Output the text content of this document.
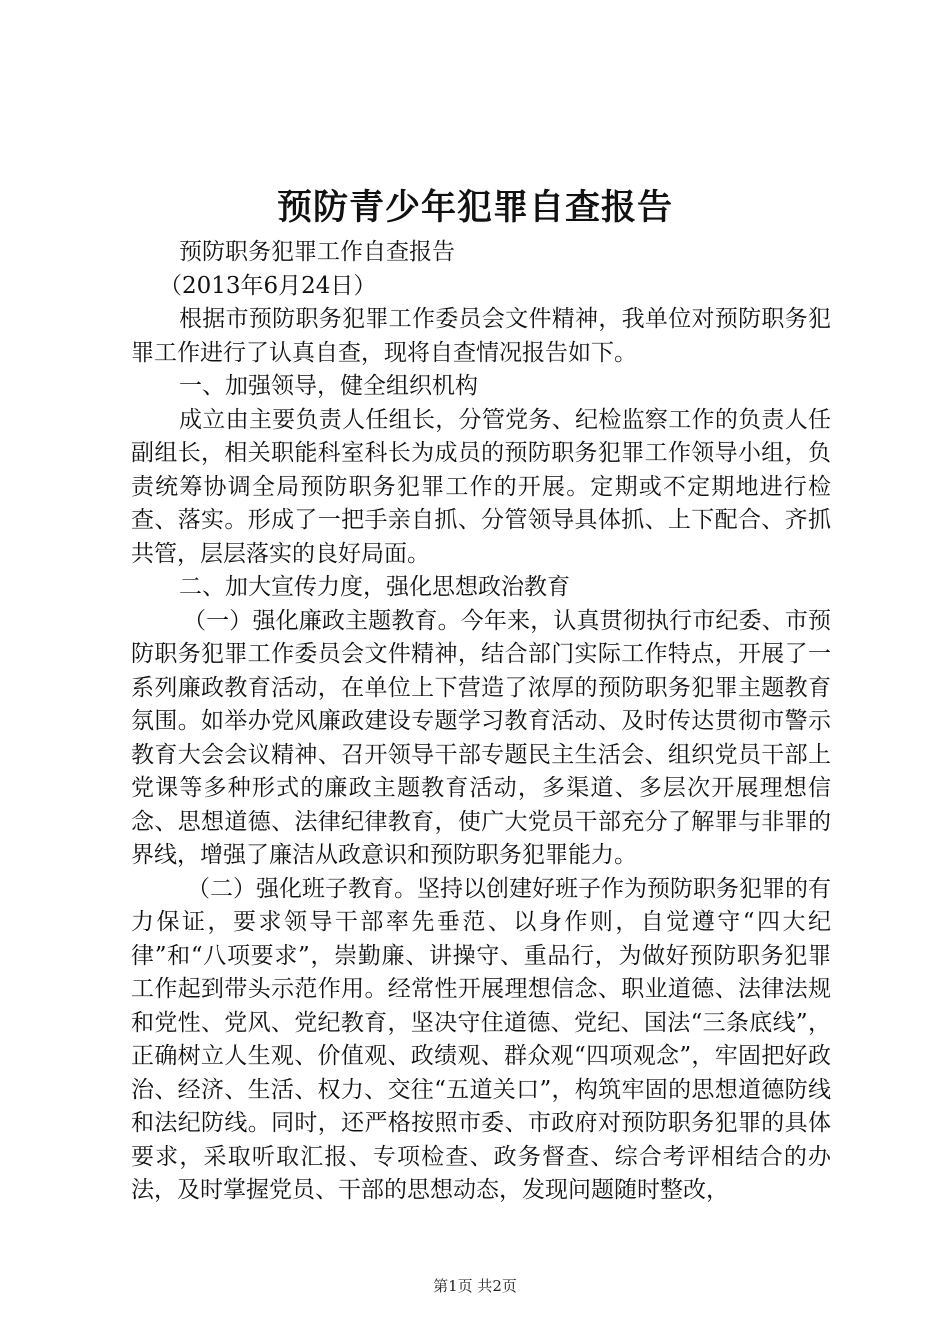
预防青少年犯罪自查报告

预防职务犯罪工作自查报告

（2013年6月24日）

根据市预防职务犯罪工作委员会文件精神，我单位对预防职务犯罪工作进行了认真自查，现将自查情况报告如下。

一、加强领导，健全组织机构

成立由主要负责人任组长，分管党务、纪检监察工作的负责人任副组长，相关职能科室科长为成员的预防职务犯罪工作领导小组，负责统筹协调全局预防职务犯罪工作的开展。定期或不定期地进行检查、落实。形成了一把手亲自抓、分管领导具体抓、上下配合、齐抓共管，层层落实的良好局面。

二、加大宣传力度，强化思想政治教育

（一）强化廉政主题教育。今年来，认真贯彻执行市纪委、市预防职务犯罪工作委员会文件精神，结合部门实际工作特点，开展了一系列廉政教育活动，在单位上下营造了浓厚的预防职务犯罪主题教育氛围。如举办党风廉政建设专题学习教育活动、及时传达贯彻市警示教育大会会议精神、召开领导干部专题民主生活会、组织党员干部上党课等多种形式的廉政主题教育活动，多渠道、多层次开展理想信念、思想道德、法律纪律教育，使广大党员干部充分了解罪与非罪的界线，增强了廉洁从政意识和预防职务犯罪能力。

（二）强化班子教育。坚持以创建好班子作为预防职务犯罪的有力保证，要求领导干部率先垂范、以身作则，自觉遵守“四大纪律”和“八项要求”，崇勤廉、讲操守、重品行，为做好预防职务犯罪工作起到带头示范作用。经常性开展理想信念、职业道德、法律法规和党性、党风、党纪教育，坚决守住道德、党纪、国法“三条底线”，正确树立人生观、价值观、政绩观、群众观“四项观念”，牢固把好政治、经济、生活、权力、交往“五道关口”，构筑牢固的思想道德防线和法纪防线。同时，还严格按照市委、市政府对预防职务犯罪的具体要求，采取听取汇报、专项检查、政务督查、综合考评相结合的办法，及时掌握党员、干部的思想动态，发现问题随时整改，

第1页 共2页
